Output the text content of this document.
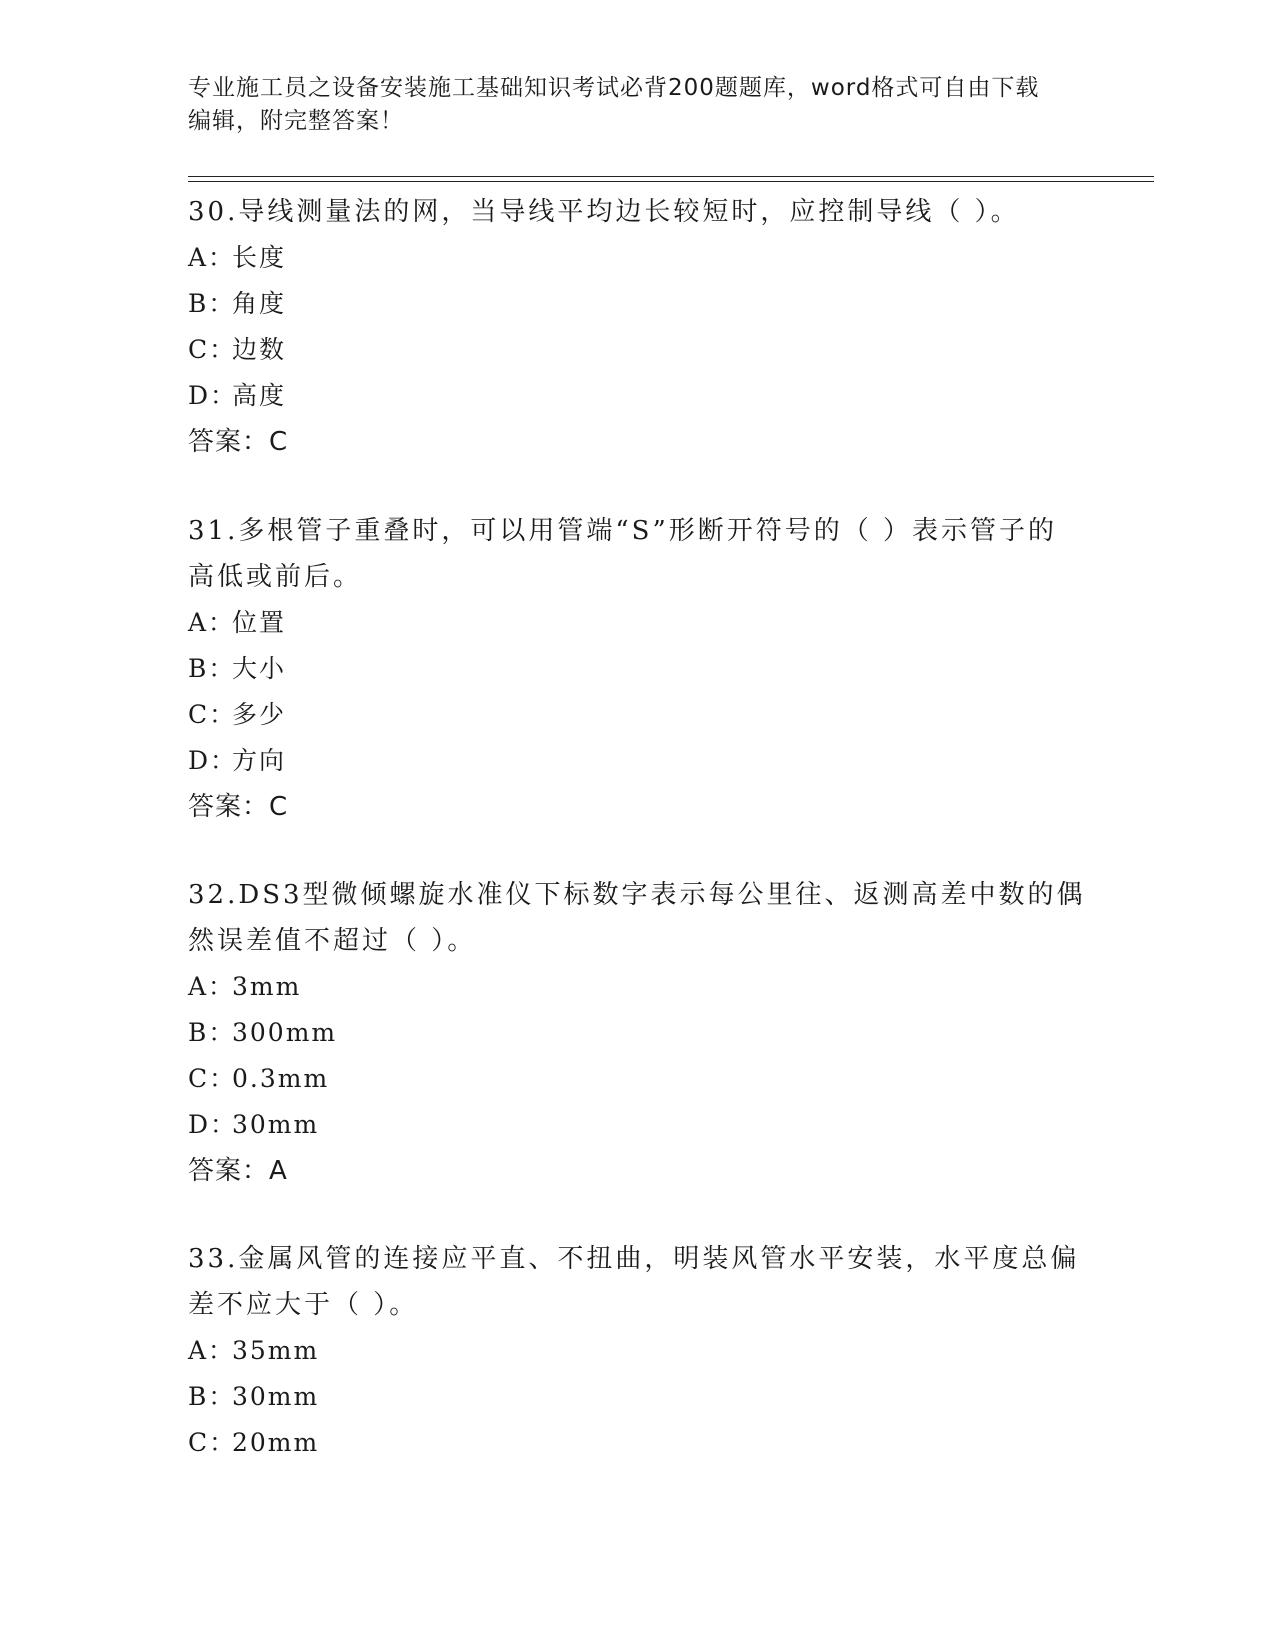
专业施工员之设备安装施工基础知识考试必背200题题库，word格式可自由下载
编辑，附完整答案！

30.导线测量法的网，当导线平均边长较短时，应控制导线（ ）。

A：长度

B：角度

C：边数

D：高度

答案：C

31.多根管子重叠时，可以用管端“S”形断开符号的（ ）表示管子的

高低或前后。

A：位置

B：大小

C：多少

D：方向

答案：C

32.DS3型微倾螺旋水准仪下标数字表示每公里往、返测高差中数的偶

然误差值不超过（ ）。

A：3mm

B：300mm

C：0.3mm

D：30mm

答案：A

33.金属风管的连接应平直、不扭曲，明装风管水平安装，水平度总偏

差不应大于（ ）。

A：35mm

B：30mm

C：20mm
